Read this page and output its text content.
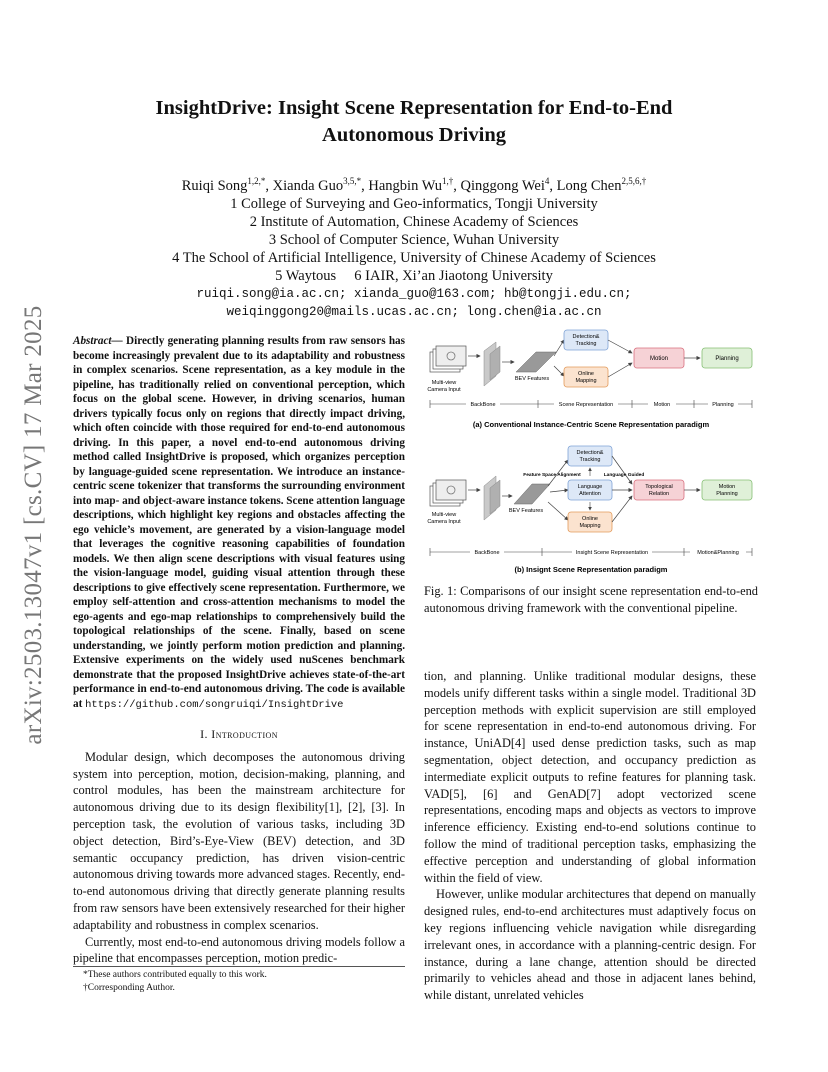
arXiv:2503.13047v1 [cs.CV] 17 Mar 2025
InsightDrive: Insight Scene Representation for End-to-End Autonomous Driving
Ruiqi Song$^{1,2,*}$, Xianda Guo$^{3,5,*}$, Hangbin $Wu^{1,\dagger}$, Qinggong Wei$^4$, Long Chen$^{2,5,6,\dagger}$
1 College of Surveying and Geo-informatics, Tongji University
2 Institute of Automation, Chinese Academy of Sciences
3 School of Computer Science, Wuhan University
4 The School of Artificial Intelligence, University of Chinese Academy of Sciences
5 Waytous     6 IAIR, Xi’an Jiaotong University
ruiqi.song@ia.ac.cn; xianda_guo@163.com; hb@tongji.edu.cn;
weiqinggong20@mails.ucas.ac.cn; long.chen@ia.ac.cn
Abstract— Directly generating planning results from raw sensors has become increasingly prevalent due to its adaptability and robustness in complex scenarios. Scene representation, as a key module in the pipeline, has traditionally relied on conventional perception, which focus on the global scene. However, in driving scenarios, human drivers typically focus only on regions that directly impact driving, which often coincide with those required for end-to-end autonomous driving. In this paper, a novel end-to-end autonomous driving method called InsightDrive is proposed, which organizes perception by language-guided scene representation. We introduce an instance-centric scene tokenizer that transforms the surrounding environment into map- and object-aware instance tokens. Scene attention language descriptions, which highlight key regions and obstacles affecting the ego vehicle’s movement, are generated by a vision-language model that leverages the cognitive reasoning capabilities of foundation models. We then align scene descriptions with visual features using the vision-language model, guiding visual attention through these descriptions to give effectively scene representation. Furthermore, we employ self-attention and cross-attention mechanisms to model the ego-agents and ego-map relationships to comprehensively build the topological relationships of the scene. Finally, based on scene understanding, we jointly perform motion prediction and planning. Extensive experiments on the widely used nuScenes benchmark demonstrate that the proposed InsightDrive achieves state-of-the-art performance in end-to-end autonomous driving. The code is available at https://github.com/songruiqi/InsightDrive
I. Introduction

Modular design, which decomposes the autonomous driving system into perception, motion, decision-making, planning, and control modules, has been the mainstream architecture for autonomous driving due to its design flexibility[1], [2], [3]. In perception task, the evolution of various tasks, including 3D object detection, Bird’s-Eye-View (BEV) detection, and 3D semantic occupancy prediction, has driven vision-centric autonomous driving towards more advanced stages. Recently, end-to-end autonomous driving that directly generate planning results from raw sensors have been extensively researched for their higher adaptability and robustness in complex scenarios.

Currently, most end-to-end autonomous driving models follow a pipeline that encompasses perception, motion predic-

*These authors contributed equally to this work.
†Corresponding Author.
Multi-view Camera Input
BEV Features
Detection& Tracking
Online Mapping
Motion	Planning
BackBone	Scene Representation	Motion	Planning
(a) Conventional Instance-Centric Scene Representation paradigm
Multi-view Camera Input
BEV Features
Detection& Tracking
Feature Space Alignment	Language Guided
Language Attention
Online Mapping
Topological Relation
Motion Planning
BackBone	Insight Scene Representation	Motion&Planning
(b) Insignt Scene Representation paradigm
Fig. 1: Comparisons of our insight scene representation end-to-end autonomous driving framework with the conventional pipeline.

tion, and planning. Unlike traditional modular designs, these models unify different tasks within a single model. Traditional 3D perception methods with explicit supervision are still employed for scene representation in end-to-end autonomous driving. For instance, UniAD[4] used dense prediction tasks, such as map segmentation, object detection, and occupancy prediction as intermediate explicit outputs to refine features for planning task. VAD[5], [6] and GenAD[7] adopt vectorized scene representations, encoding maps and objects as vectors to improve inference efficiency. Existing end-to-end solutions continue to follow the mind of traditional perception tasks, emphasizing the effective perception and understanding of global information within the field of view.

However, unlike modular architectures that depend on manually designed rules, end-to-end architectures must adaptively focus on key regions influencing vehicle navigation while disregarding irrelevant ones, in accordance with a planning-centric design. For instance, during a lane change, attention should be directed primarily to vehicles ahead and those in adjacent lanes behind, while distant, unrelated vehicles
